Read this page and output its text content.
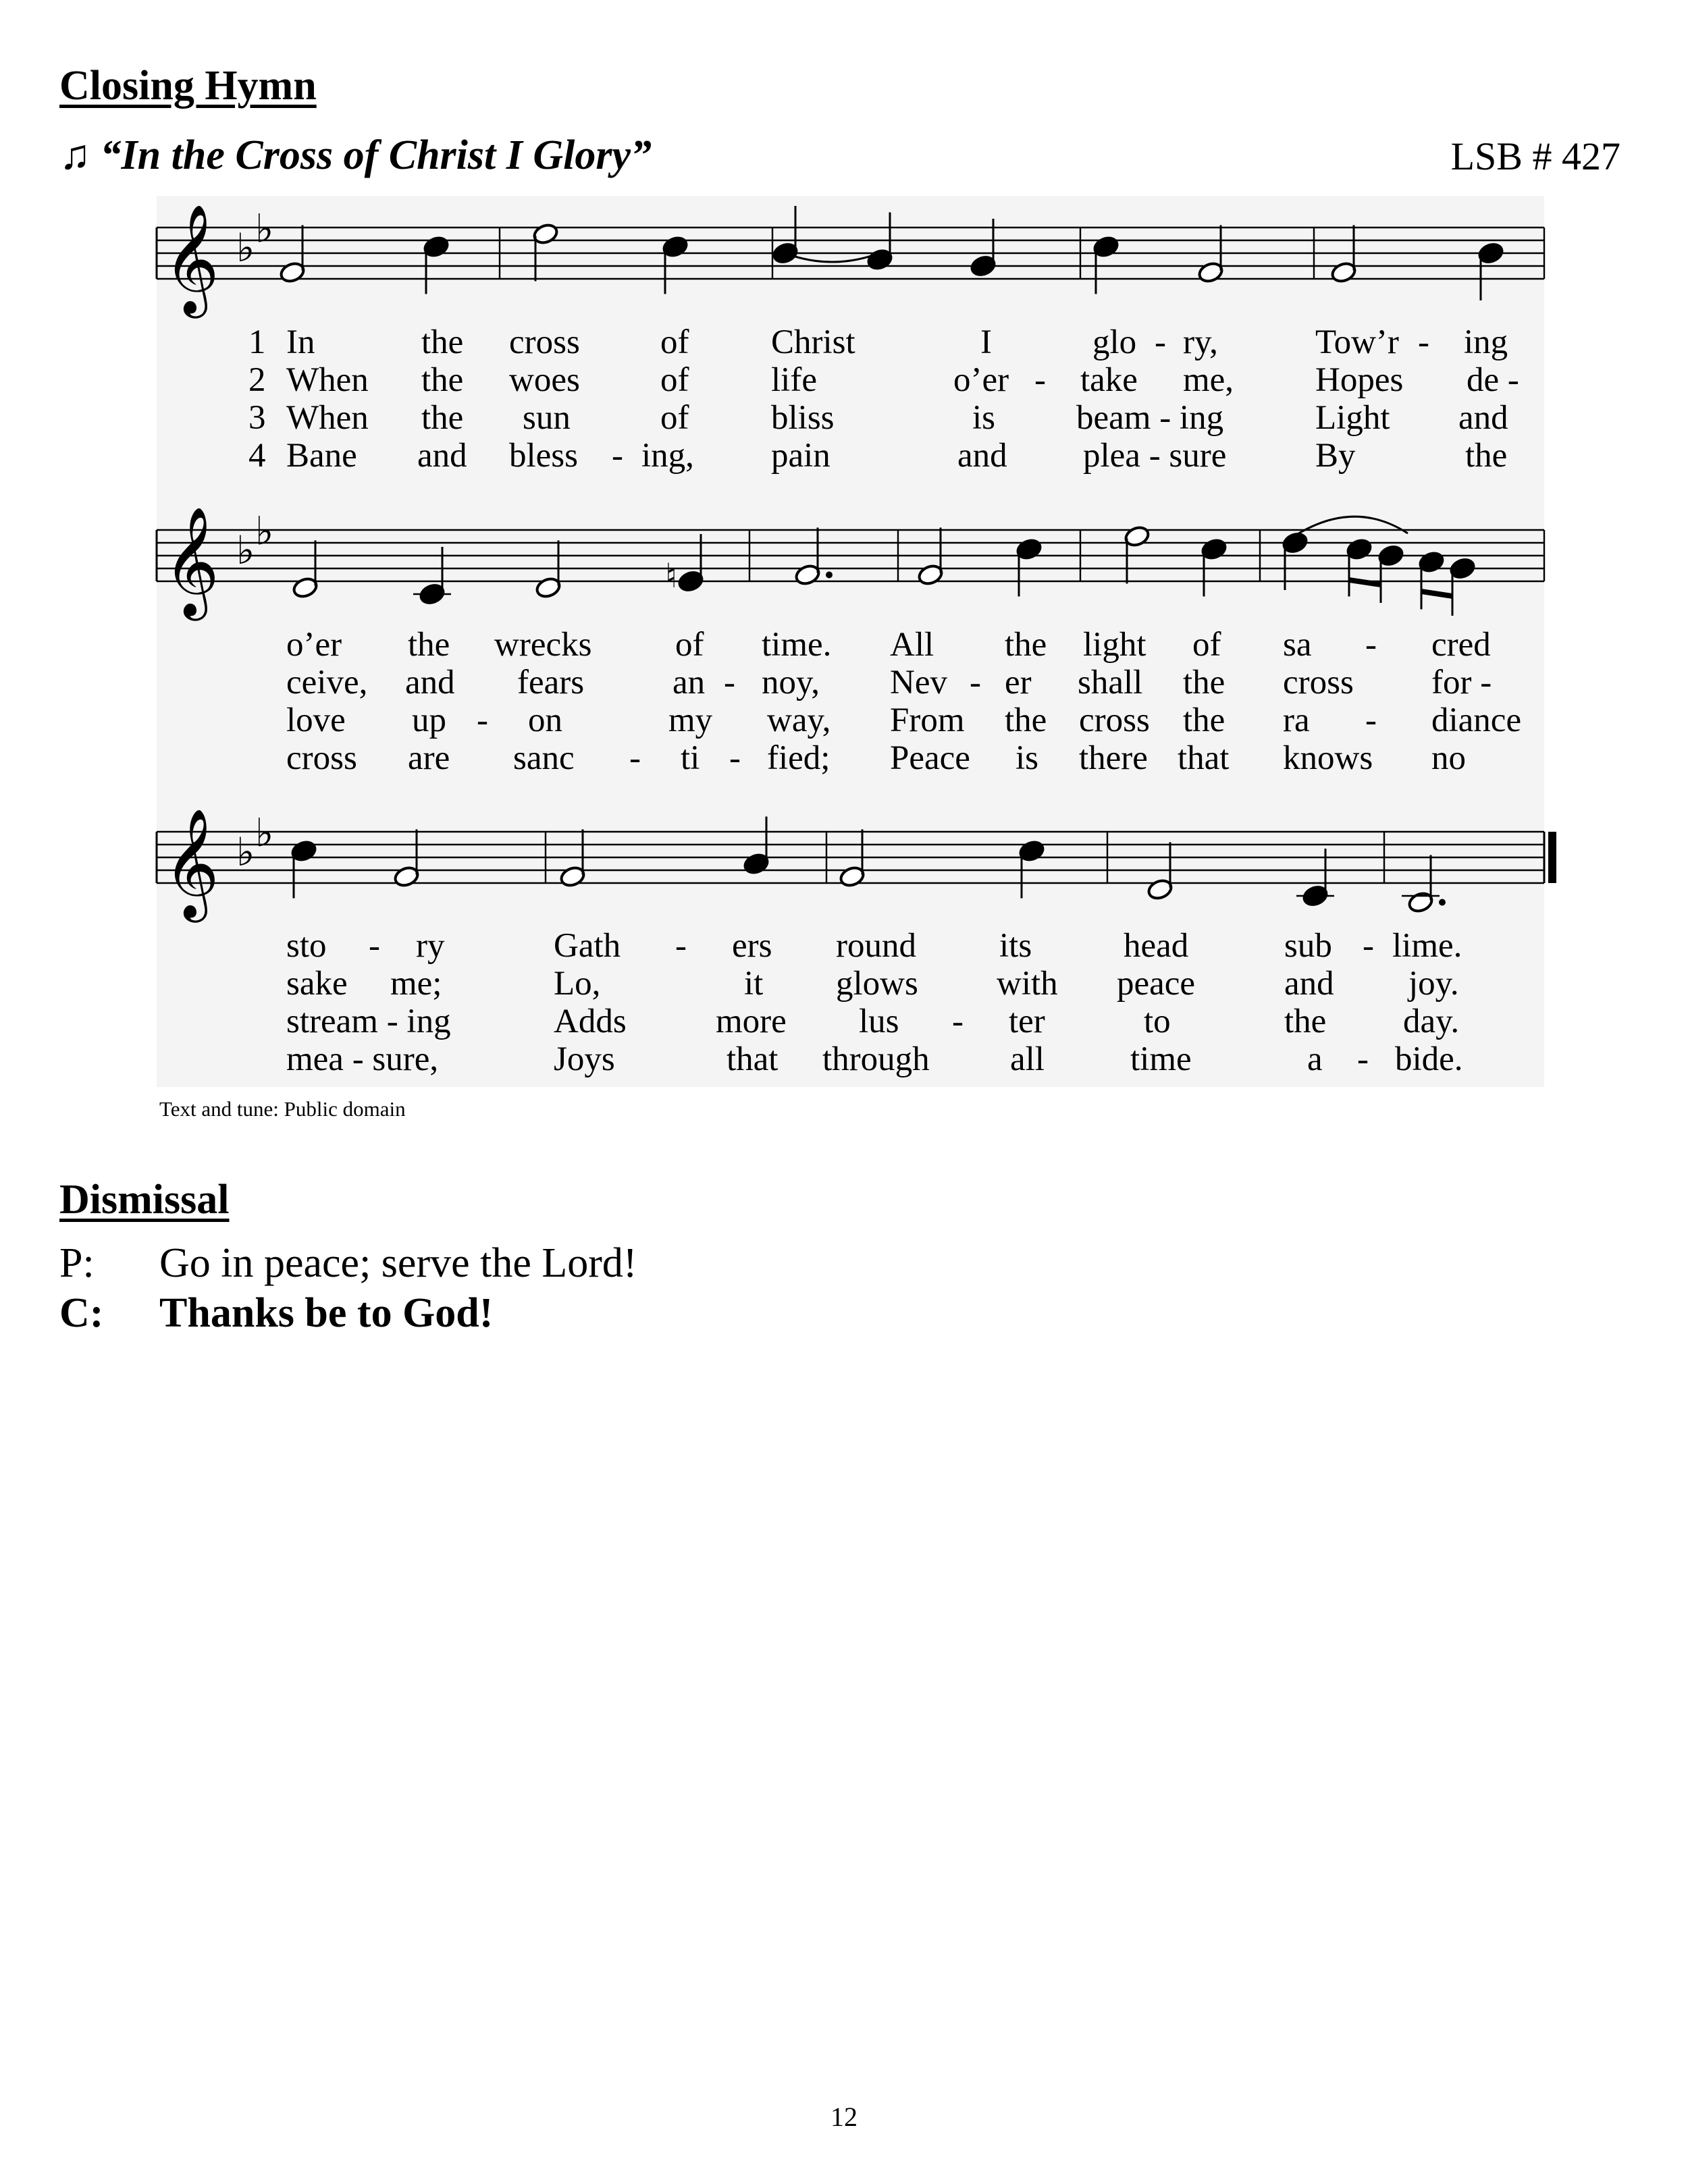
Closing Hymn
♫ “In the Cross of Christ I Glory”	LSB # 427
𝄞 ♭ ♭
𝄞 ♭ ♭
𝄞 ♭ ♭
♮
1 In	the cross of Christ	I	glo - ry,	Tow’r - ing
2 When the woes of life	o’er - take me, Hopes de -
3 When the sun	of bliss	is beam - ing	Light and
4 Bane and bless - ing, pain	and plea - sure	By	the
o’er the wrecks of time. All the light of sa - cred
ceive, and fears	an - noy, Nev - er shall the cross for -
love up - on	my way, From the cross the ra - diance
cross are sanc - ti - fied; Peace is there that knows no
sto - ry	Gath - ers round its	head	sub - lime.
sake me;	Lo,	it glows with peace	and joy.
stream - ing	Adds	more lus - ter	to	the day.
mea - sure,	Joys	that through all time	a - bide.
Text and tune: Public domain
Dismissal
P: Go in peace; serve the Lord!
C: Thanks be to God!
12
